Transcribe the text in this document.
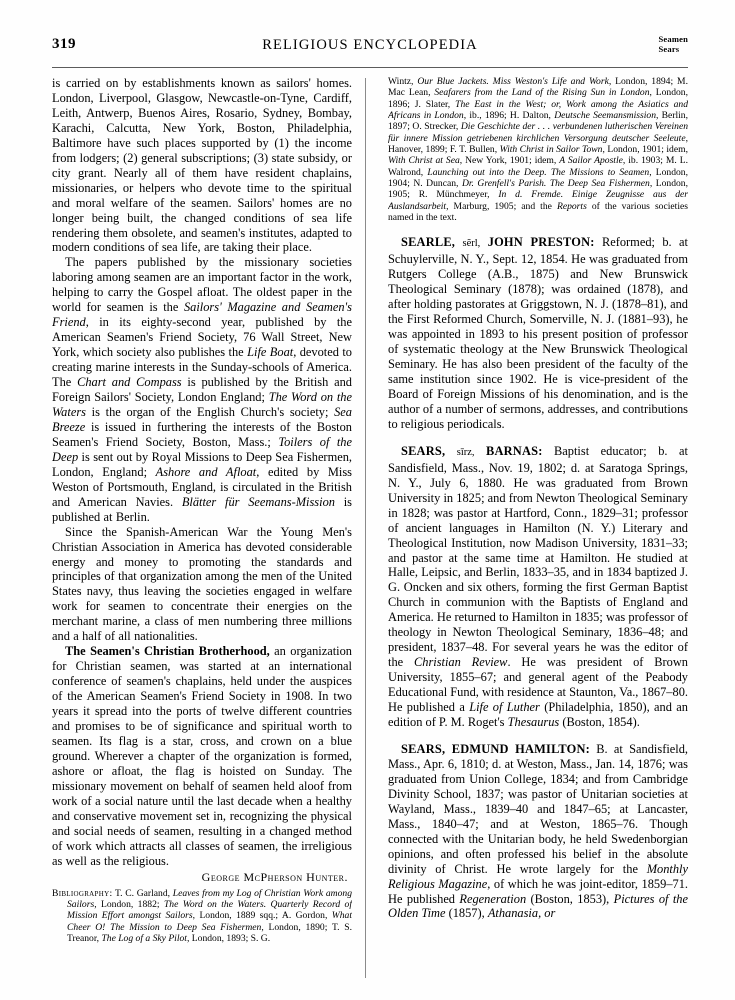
319	RELIGIOUS ENCYCLOPEDIA	Seamen
Sears

is carried on by establishments known as sailors' homes. London, Liverpool, Glasgow, Newcastle-on-Tyne, Cardiff, Leith, Antwerp, Buenos Aires, Rosario, Sydney, Bombay, Karachi, Calcutta, New York, Boston, Philadelphia, Baltimore have such places supported by (1) the income from lodgers; (2) general subscriptions; (3) state subsidy, or city grant. Nearly all of them have resident chaplains, missionaries, or helpers who devote time to the spiritual and moral welfare of the seamen. Sailors' homes are no longer being built, the changed conditions of sea life rendering them obsolete, and seamen's institutes, adapted to modern conditions of sea life, are taking their place.

The papers published by the missionary societies laboring among seamen are an important factor in the work, helping to carry the Gospel afloat. The oldest paper in the world for seamen is the Sailors' Magazine and Seamen's Friend, in its eighty-second year, published by the American Seamen's Friend Society, 76 Wall Street, New York, which society also publishes the Life Boat, devoted to creating marine interests in the Sunday-schools of America. The Chart and Compass is published by the British and Foreign Sailors' Society, London England; The Word on the Waters is the organ of the English Church's society; Sea Breeze is issued in furthering the interests of the Boston Seamen's Friend Society, Boston, Mass.; Toilers of the Deep is sent out by Royal Missions to Deep Sea Fishermen, London, England; Ashore and Afloat, edited by Miss Weston of Portsmouth, England, is circulated in the British and American Navies. Blätter für Seemans-Mission is published at Berlin.

Since the Spanish-American War the Young Men's Christian Association in America has devoted considerable energy and money to promoting the standards and principles of that organization among the men of the United States navy, thus leaving the societies engaged in welfare work for seamen to concentrate their energies on the merchant marine, a class of men numbering three millions and a half of all nationalities.

The Seamen's Christian Brotherhood, an organization for Christian seamen, was started at an international conference of seamen's chaplains, held under the auspices of the American Seamen's Friend Society in 1908. In two years it spread into the ports of twelve different countries and promises to be of significance and spiritual worth to seamen. Its flag is a star, cross, and crown on a blue ground. Wherever a chapter of the organization is formed, ashore or afloat, the flag is hoisted on Sunday. The missionary movement on behalf of seamen held aloof from work of a social nature until the last decade when a healthy and conservative movement set in, recognizing the physical and social needs of seamen, resulting in a changed method of work which attracts all classes of seamen, the irreligious as well as the religious.

George McPherson Hunter.

Bibliography: T. C. Garland, Leaves from my Log of Christian Work among Sailors, London, 1882; The Word on the Waters. Quarterly Record of Mission Effort amongst Sailors, London, 1889 sqq.; A. Gordon, What Cheer O! The Mission to Deep Sea Fishermen, London, 1890; T. S. Treanor, The Log of a Sky Pilot, London, 1893; S. G.

Wintz, Our Blue Jackets. Miss Weston's Life and Work, London, 1894; M. Mac Lean, Seafarers from the Land of the Rising Sun in London, London, 1896; J. Slater, The East in the West; or, Work among the Asiatics and Africans in London, ib., 1896; H. Dalton, Deutsche Seemansmission, Berlin, 1897; O. Strecker, Die Geschichte der . . . verbundenen lutherischen Vereinen für innere Mission getriebenen kirchlichen Versorgung deutscher Seeleute, Hanover, 1899; F. T. Bullen, With Christ in Sailor Town, London, 1901; idem, With Christ at Sea, New York, 1901; idem, A Sailor Apostle, ib. 1903; M. L. Walrond, Launching out into the Deep. The Missions to Seamen, London, 1904; N. Duncan, Dr. Grenfell's Parish. The Deep Sea Fishermen, London, 1905; R. Münchmeyer, In d. Fremde. Einige Zeugnisse aus der Auslandsarbeit, Marburg, 1905; and the Reports of the various societies named in the text.

SEARLE, sẽrl, JOHN PRESTON: Reformed; b. at Schuylerville, N. Y., Sept. 12, 1854. He was graduated from Rutgers College (A.B., 1875) and New Brunswick Theological Seminary (1878); was ordained (1878), and after holding pastorates at Griggstown, N. J. (1878–81), and the First Reformed Church, Somerville, N. J. (1881–93), he was appointed in 1893 to his present position of professor of systematic theology at the New Brunswick Theological Seminary. He has also been president of the faculty of the same institution since 1902. He is vice-president of the Board of Foreign Missions of his denomination, and is the author of a number of sermons, addresses, and contributions to religious periodicals.

SEARS, sīrz, BARNAS: Baptist educator; b. at Sandisfield, Mass., Nov. 19, 1802; d. at Saratoga Springs, N. Y., July 6, 1880. He was graduated from Brown University in 1825; and from Newton Theological Seminary in 1828; was pastor at Hartford, Conn., 1829–31; professor of ancient languages in Hamilton (N. Y.) Literary and Theological Institution, now Madison University, 1831–33; and pastor at the same time at Hamilton. He studied at Halle, Leipsic, and Berlin, 1833–35, and in 1834 baptized J. G. Oncken and six others, forming the first German Baptist Church in communion with the Baptists of England and America. He returned to Hamilton in 1835; was professor of theology in Newton Theological Seminary, 1836–48; and president, 1837–48. For several years he was the editor of the Christian Review. He was president of Brown University, 1855–67; and general agent of the Peabody Educational Fund, with residence at Staunton, Va., 1867–80. He published a Life of Luther (Philadelphia, 1850), and an edition of P. M. Roget's Thesaurus (Boston, 1854).

SEARS, EDMUND HAMILTON: B. at Sandisfield, Mass., Apr. 6, 1810; d. at Weston, Mass., Jan. 14, 1876; was graduated from Union College, 1834; and from Cambridge Divinity School, 1837; was pastor of Unitarian societies at Wayland, Mass., 1839–40 and 1847–65; at Lancaster, Mass., 1840–47; and at Weston, 1865–76. Though connected with the Unitarian body, he held Swedenborgian opinions, and often professed his belief in the absolute divinity of Christ. He wrote largely for the Monthly Religious Magazine, of which he was joint-editor, 1859–71. He published Regeneration (Boston, 1853), Pictures of the Olden Time (1857), Athanasia, or
